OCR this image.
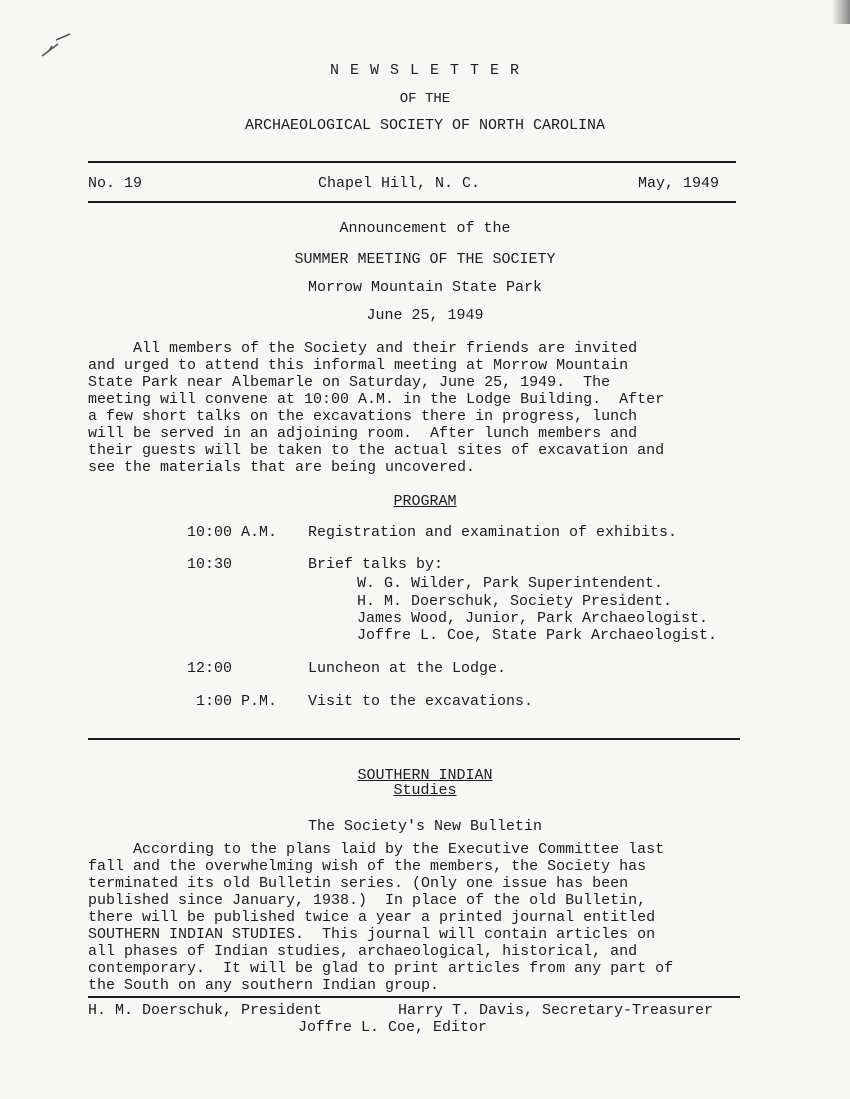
N E W S L E T T E R
OF THE
ARCHAEOLOGICAL SOCIETY OF NORTH CAROLINA
No. 19	Chapel Hill, N. C.	May, 1949
Announcement of the
SUMMER MEETING OF THE SOCIETY
Morrow Mountain State Park
June 25, 1949
All members of the Society and their friends are invited
and urged to attend this informal meeting at Morrow Mountain
State Park near Albemarle on Saturday, June 25, 1949.  The
meeting will convene at 10:00 A.M. in the Lodge Building.  After
a few short talks on the excavations there in progress, lunch
will be served in an adjoining room.  After lunch members and
their guests will be taken to the actual sites of excavation and
see the materials that are being uncovered.
PROGRAM
10:00 A.M. Registration and examination of exhibits.
10:30	Brief talks by:
W. G. Wilder, Park Superintendent.
H. M. Doerschuk, Society President.
James Wood, Junior, Park Archaeologist.
Joffre L. Coe, State Park Archaeologist.
12:00	Luncheon at the Lodge.
1:00 P.M. Visit to the excavations.
SOUTHERN INDIAN
Studies
The Society's New Bulletin
According to the plans laid by the Executive Committee last
fall and the overwhelming wish of the members, the Society has
terminated its old Bulletin series. (Only one issue has been
published since January, 1938.)  In place of the old Bulletin,
there will be published twice a year a printed journal entitled
SOUTHERN INDIAN STUDIES.  This journal will contain articles on
all phases of Indian studies, archaeological, historical, and
contemporary.  It will be glad to print articles from any part of
the South on any southern Indian group.
H. M. Doerschuk, President	Harry T. Davis, Secretary-Treasurer
Joffre L. Coe, Editor
